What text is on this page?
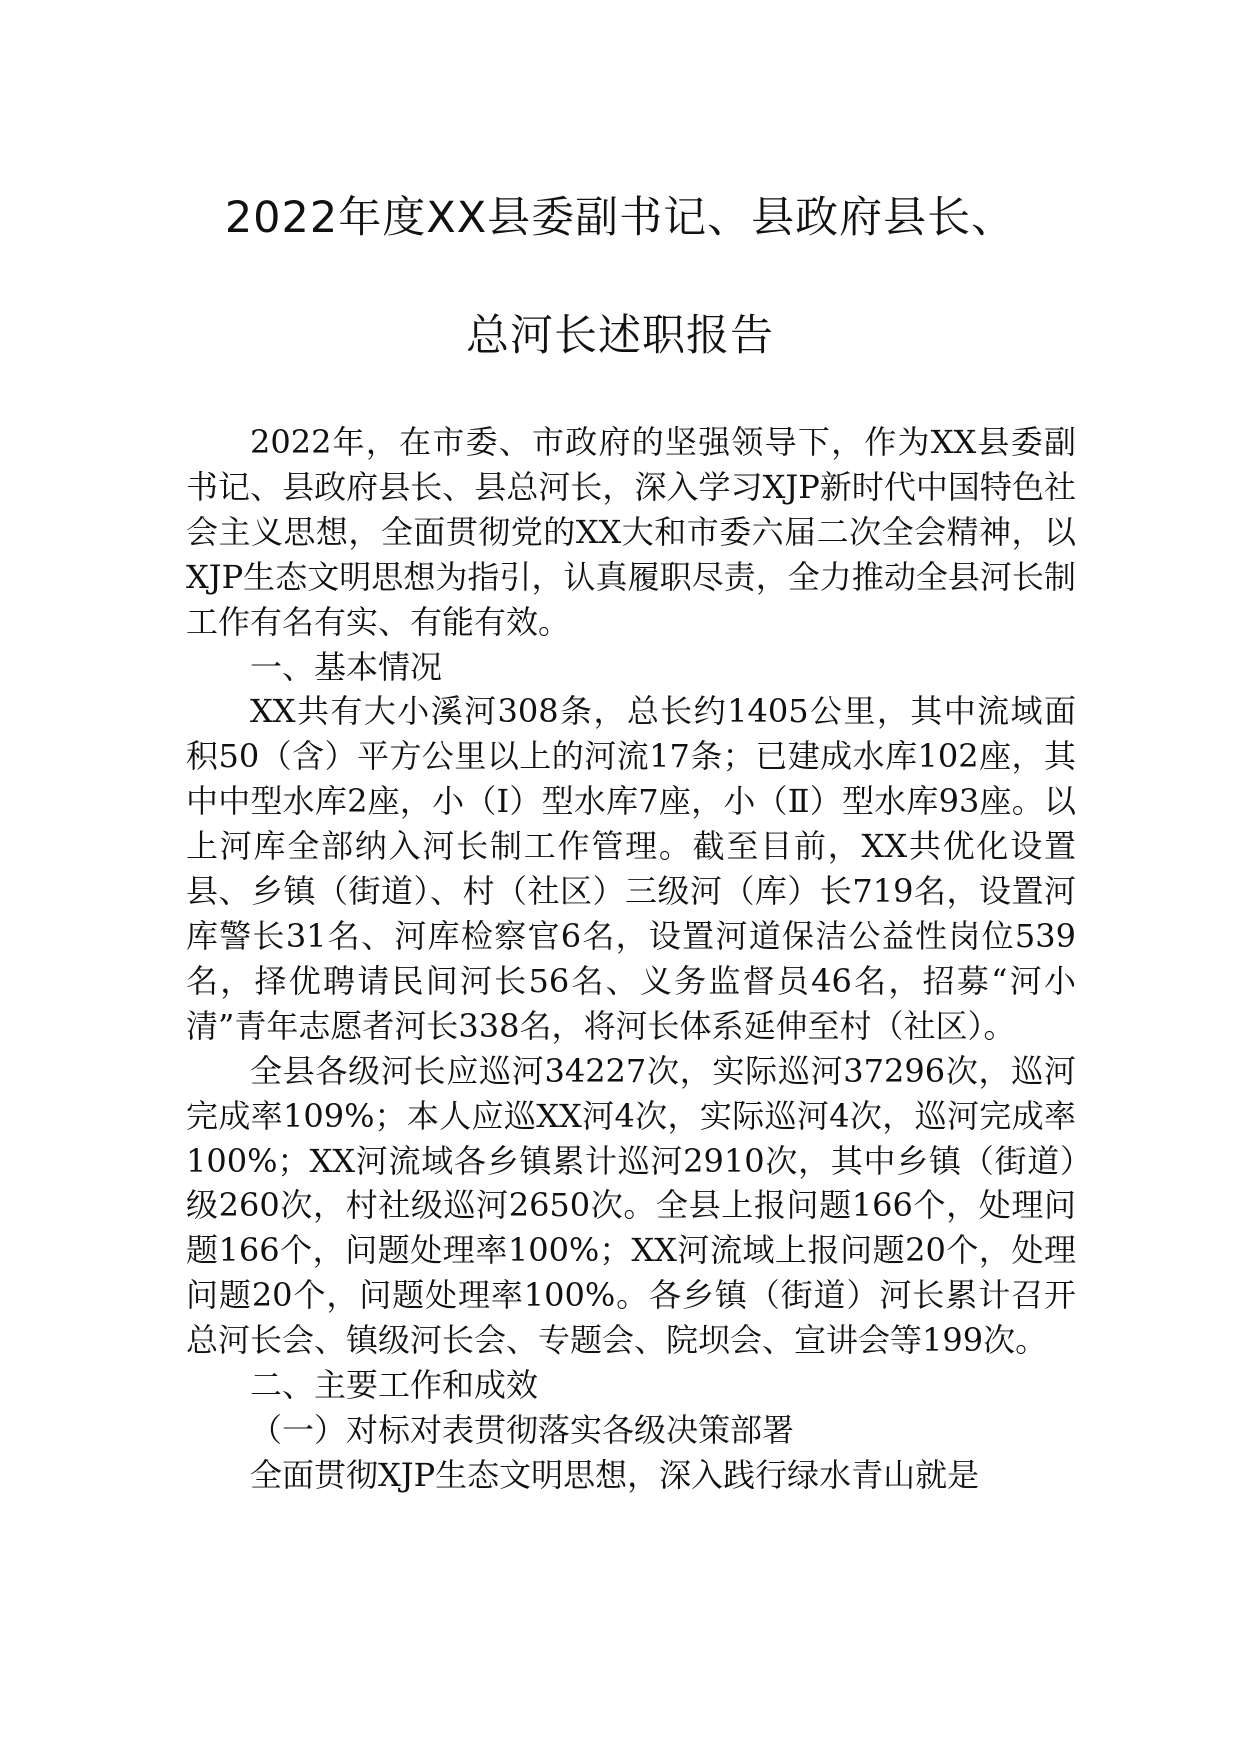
2022年度XX县委副书记、县政府县长、
总河长述职报告

2022年，在市委、市政府的坚强领导下，作为XX县委副书记、县政府县长、县总河长，深入学习XJP新时代中国特色社会主义思想，全面贯彻党的XX大和市委六届二次全会精神，以XJP生态文明思想为指引，认真履职尽责，全力推动全县河长制工作有名有实、有能有效。

一、基本情况

XX共有大小溪河308条，总长约1405公里，其中流域面积50（含）平方公里以上的河流17条；已建成水库102座，其中中型水库2座，小（Ⅰ）型水库7座，小（Ⅱ）型水库93座。以上河库全部纳入河长制工作管理。截至目前，XX共优化设置县、乡镇（街道）、村（社区）三级河（库）长719名，设置河库警长31名、河库检察官6名，设置河道保洁公益性岗位539名，择优聘请民间河长56名、义务监督员46名，招募“河小清”青年志愿者河长338名，将河长体系延伸至村（社区）。

全县各级河长应巡河34227次，实际巡河37296次，巡河完成率109%；本人应巡XX河4次，实际巡河4次，巡河完成率100%；XX河流域各乡镇累计巡河2910次，其中乡镇（街道）级260次，村社级巡河2650次。全县上报问题166个，处理问题166个，问题处理率100%；XX河流域上报问题20个，处理问题20个，问题处理率100%。各乡镇（街道）河长累计召开总河长会、镇级河长会、专题会、院坝会、宣讲会等199次。

二、主要工作和成效

（一）对标对表贯彻落实各级决策部署

全面贯彻XJP生态文明思想，深入践行绿水青山就是
